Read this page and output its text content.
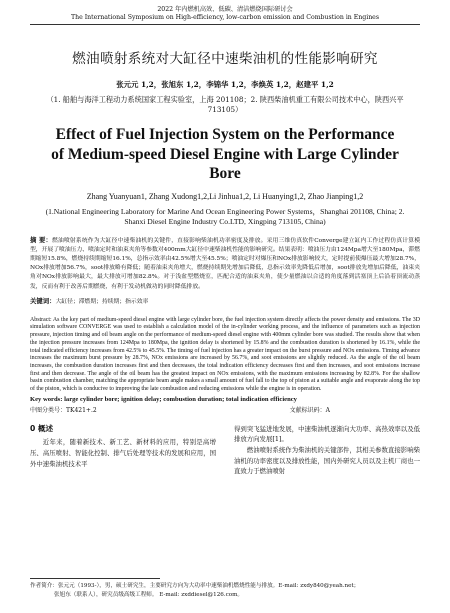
2022 年内燃机高效、低碳、清洁燃烧国际研讨会
The International Symposium on High-efficiency, low-carbon emission and Combustion in Engines
燃油喷射系统对大缸径中速柴油机的性能影响研究
张元元 1,2，张旭东 1,2，李锦华 1,2，李焕英 1,2，赵建平 1,2
（1. 船舶与海洋工程动力系统国家工程实验室，上海 201108；2. 陕西柴油机重工有限公司技术中心，陕西兴平 713105）
Effect of Fuel Injection System on the Performance of Medium-speed Diesel Engine with Large Cylinder Bore
Zhang Yuanyuan1, Zhang Xudong1,2,Li Jinhua1,2, Li Huanying1,2, Zhao Jianping1,2
(1.National Engineering Laboratory for Marine And Ocean Engineering Power Systems，Shanghai 201108, China; 2. Shanxi Diesel Engine Industry Co.LTD, Xingping 713105, China)
摘 要：燃油喷射系统作为大缸径中速柴油机的关键件，直接影响柴油机功率密度及排放。采用三维仿真软件Converge建立缸内工作过程仿真计算模型，开展了喷油压力、喷油定时和油束夹角等参数对400mm大缸径中速柴油机性能的影响研究。结果表明：喷油压力由124Mpa增大至180Mpa，滞燃期缩短15.8%，燃烧持续期缩短16.1%，总指示效率由42.5%增大至45.5%；喷油定时对爆压和NOx排放影响较大，定时提前使爆压最大增加28.7%，NOx排放增加56.7%，soot排放略有降低；随着油束夹角增大，燃烧持续期先增加后降低，总指示效率先降低后增加，soot排放先增加后降低，油束夹角对NOx排放影响最大，最大排放可增加82.8%。对于浅盆型燃烧室，匹配合适的油束夹角，使少量燃油以合适的角度落到活塞顶上后沿着顶流动蒸发，反而有利于改善后期燃烧，有利于发动机做功的同时降低排放。
关键词：大缸径；滞燃期；持续期；指示效率
Abstract: As the key part of medium-speed diesel engine with large cylinder bore, the fuel injection system directly affects the power density and emissions. The 3D simulation software CONVERGE was used to establish a calculation model of the in-cylinder working process, and the influence of parameters such as injection pressure, injection timing and oil beam angle on the performance of medium-speed diesel engine with 400mm cylinder bore was studied. The results show that when the injection pressure increases from 124Mpa to 180Mpa, the ignition delay is shortened by 15.8% and the combustion duration is shortened by 16.1%, while the total indicated efficiency increases from 42.5% to 45.5%. The timing of fuel injection has a greater impact on the burst pressure and NOx emissions. Timing advance increases the maximum burst pressure by 28.7%, NOx emissions are increased by 56.7%, and soot emissions are slightly reduced. As the angle of the oil beam increases, the combustion duration increases first and then decreases, the total indication efficiency decreases first and then increases, and soot emissions increase first and then decrease. The angle of the oil beam has the greatest impact on NOx emissions, with the maximum emissions increasing by 82.8%. For the shallow basin combustion chamber, matching the appropriate beam angle makes a small amount of fuel fall to the top of piston at a suitable angle and evaporate along the top of the piston, which is conducive to improving the late combustion and reducing emissions while the engine is in operation.
Key words: large cylinder bore; ignition delay; combustion duration; total indication efficiency
中图分类号：TK421+.2	文献标识码：A
0 概述
近年来，随着新技术、新工艺、新材料的应用，特别是高增压、高压喷射、智能化控制、排气后处理等技术的发展和应用，国外中速柴油机技术平
得到突飞猛进地发展，中速柴油机逐渐向大功率、高热效率以及低排放方向发展[1]。
燃油喷射系统作为柴油机的关键部件，其相关参数直接影响柴油机的功率密度以及排放性能，国内外研究人员以及主机厂商也一直致力于燃油喷射
作者简介：张元元（1993-），男，硕士研究生，主要研究方向为大功率中速柴油机燃烧性能与排放。E-mail: zxdy840@yeah.net；
张旭东（联系人），研究员级高级工程师。 E-mail: zxddiesel@126.com。
